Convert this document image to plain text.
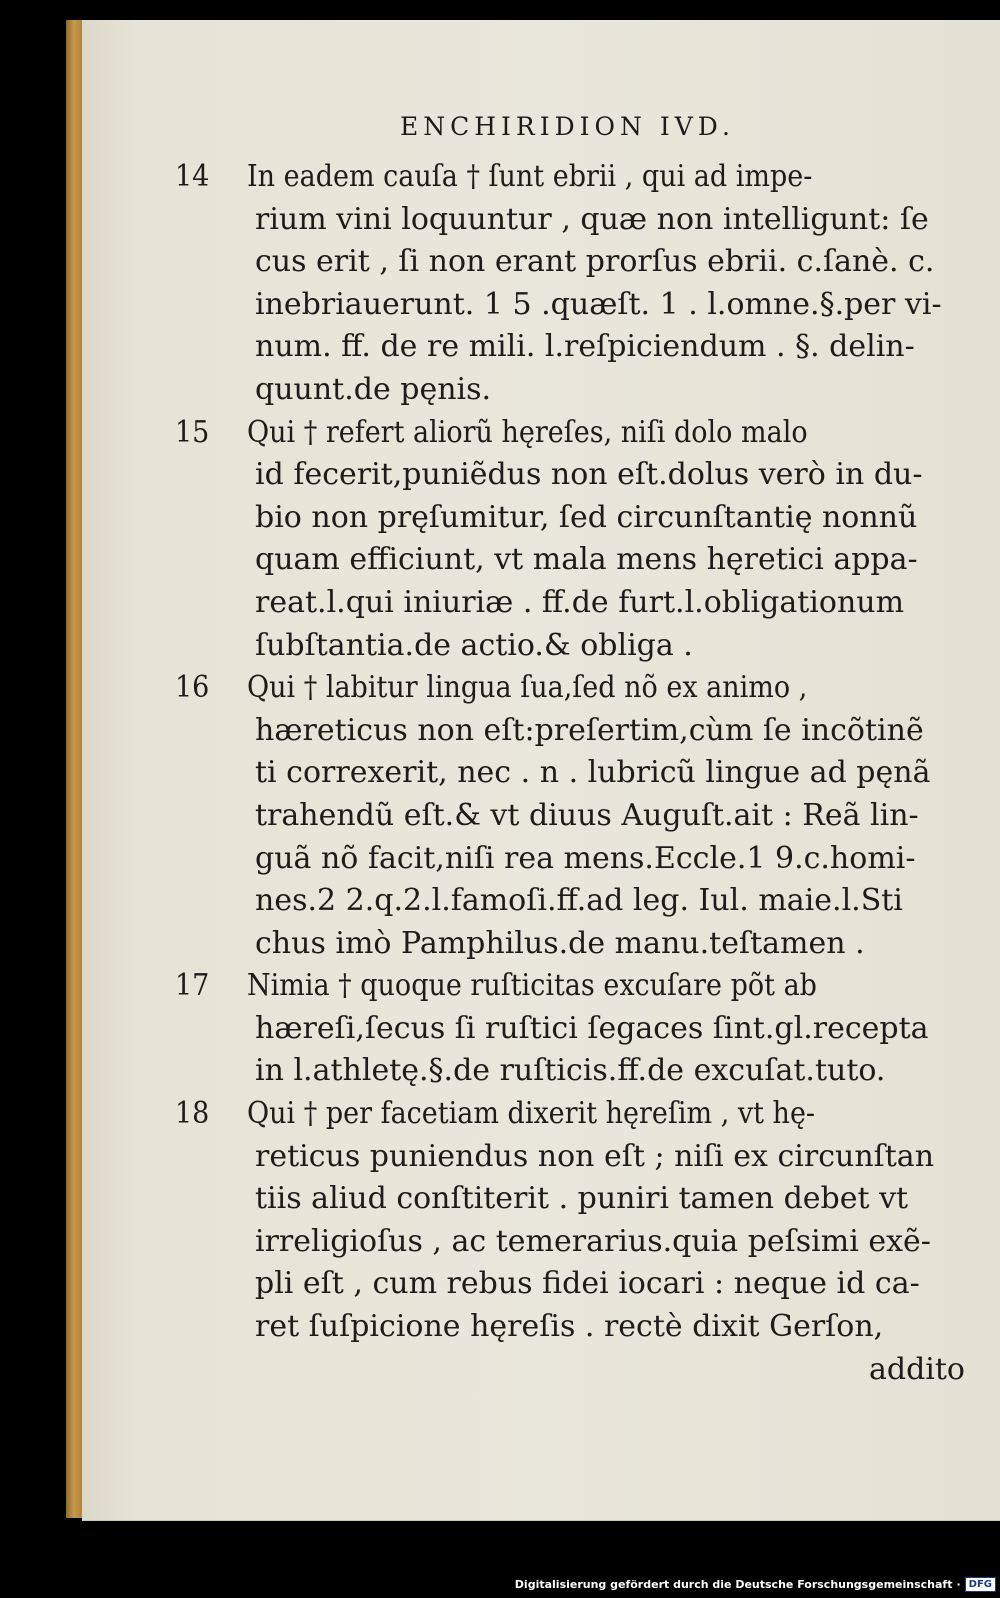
ENCHIRIDION IVD.
14 In eadem cauſa † ſunt ebrii , qui ad impe-
rium vini loquuntur , quæ non intelligunt: ſe
cus erit , ſi non erant prorſus ebrii. c.ſanè. c.
inebriauerunt. 1 5 .quæſt. 1 . l.omne.§.per vi-
num. ff. de re mili. l.reſpiciendum . §. delin-
quunt.de pęnis.
15 Qui † refert aliorũ hęreſes, niſi dolo malo
id fecerit,puniẽdus non eſt.dolus verò in du-
bio non pręſumitur, ſed circunſtantię nonnũ
quam efficiunt, vt mala mens hęretici appa-
reat.l.qui iniuriæ . ff.de furt.l.obligationum
ſubſtantia.de actio.& obliga .
16 Qui † labitur lingua ſua,ſed nõ ex animo ,
hæreticus non eſt:preſertim,cùm ſe incõtinẽ
ti correxerit, nec . n . lubricũ lingue ad pęnã
trahendũ eſt.& vt diuus Auguſt.ait : Reã lin-
guã nõ facit,niſi rea mens.Eccle.1 9.c.homi-
nes.2 2.q.2.l.famoſi.ff.ad leg. Iul. maie.l.Sti
chus imò Pamphilus.de manu.teſtamen .
17 Nimia † quoque ruſticitas excuſare põt ab
hæreſi,ſecus ſi ruſtici ſegaces ſint.gl.recepta
in l.athletę.§.de ruſticis.ff.de excuſat.tuto.
18 Qui † per facetiam dixerit hęreſim , vt hę-
reticus puniendus non eſt ; niſi ex circunſtan
tiis aliud conſtiterit . puniri tamen debet vt
irreligioſus , ac temerarius.quia peſsimi exẽ-
pli eſt , cum rebus fidei iocari : neque id ca-
ret ſuſpicione hęreſis . rectè dixit Gerſon,
addito
Digitalisierung gefördert durch die Deutsche Forschungsgemeinschaft · DFG
